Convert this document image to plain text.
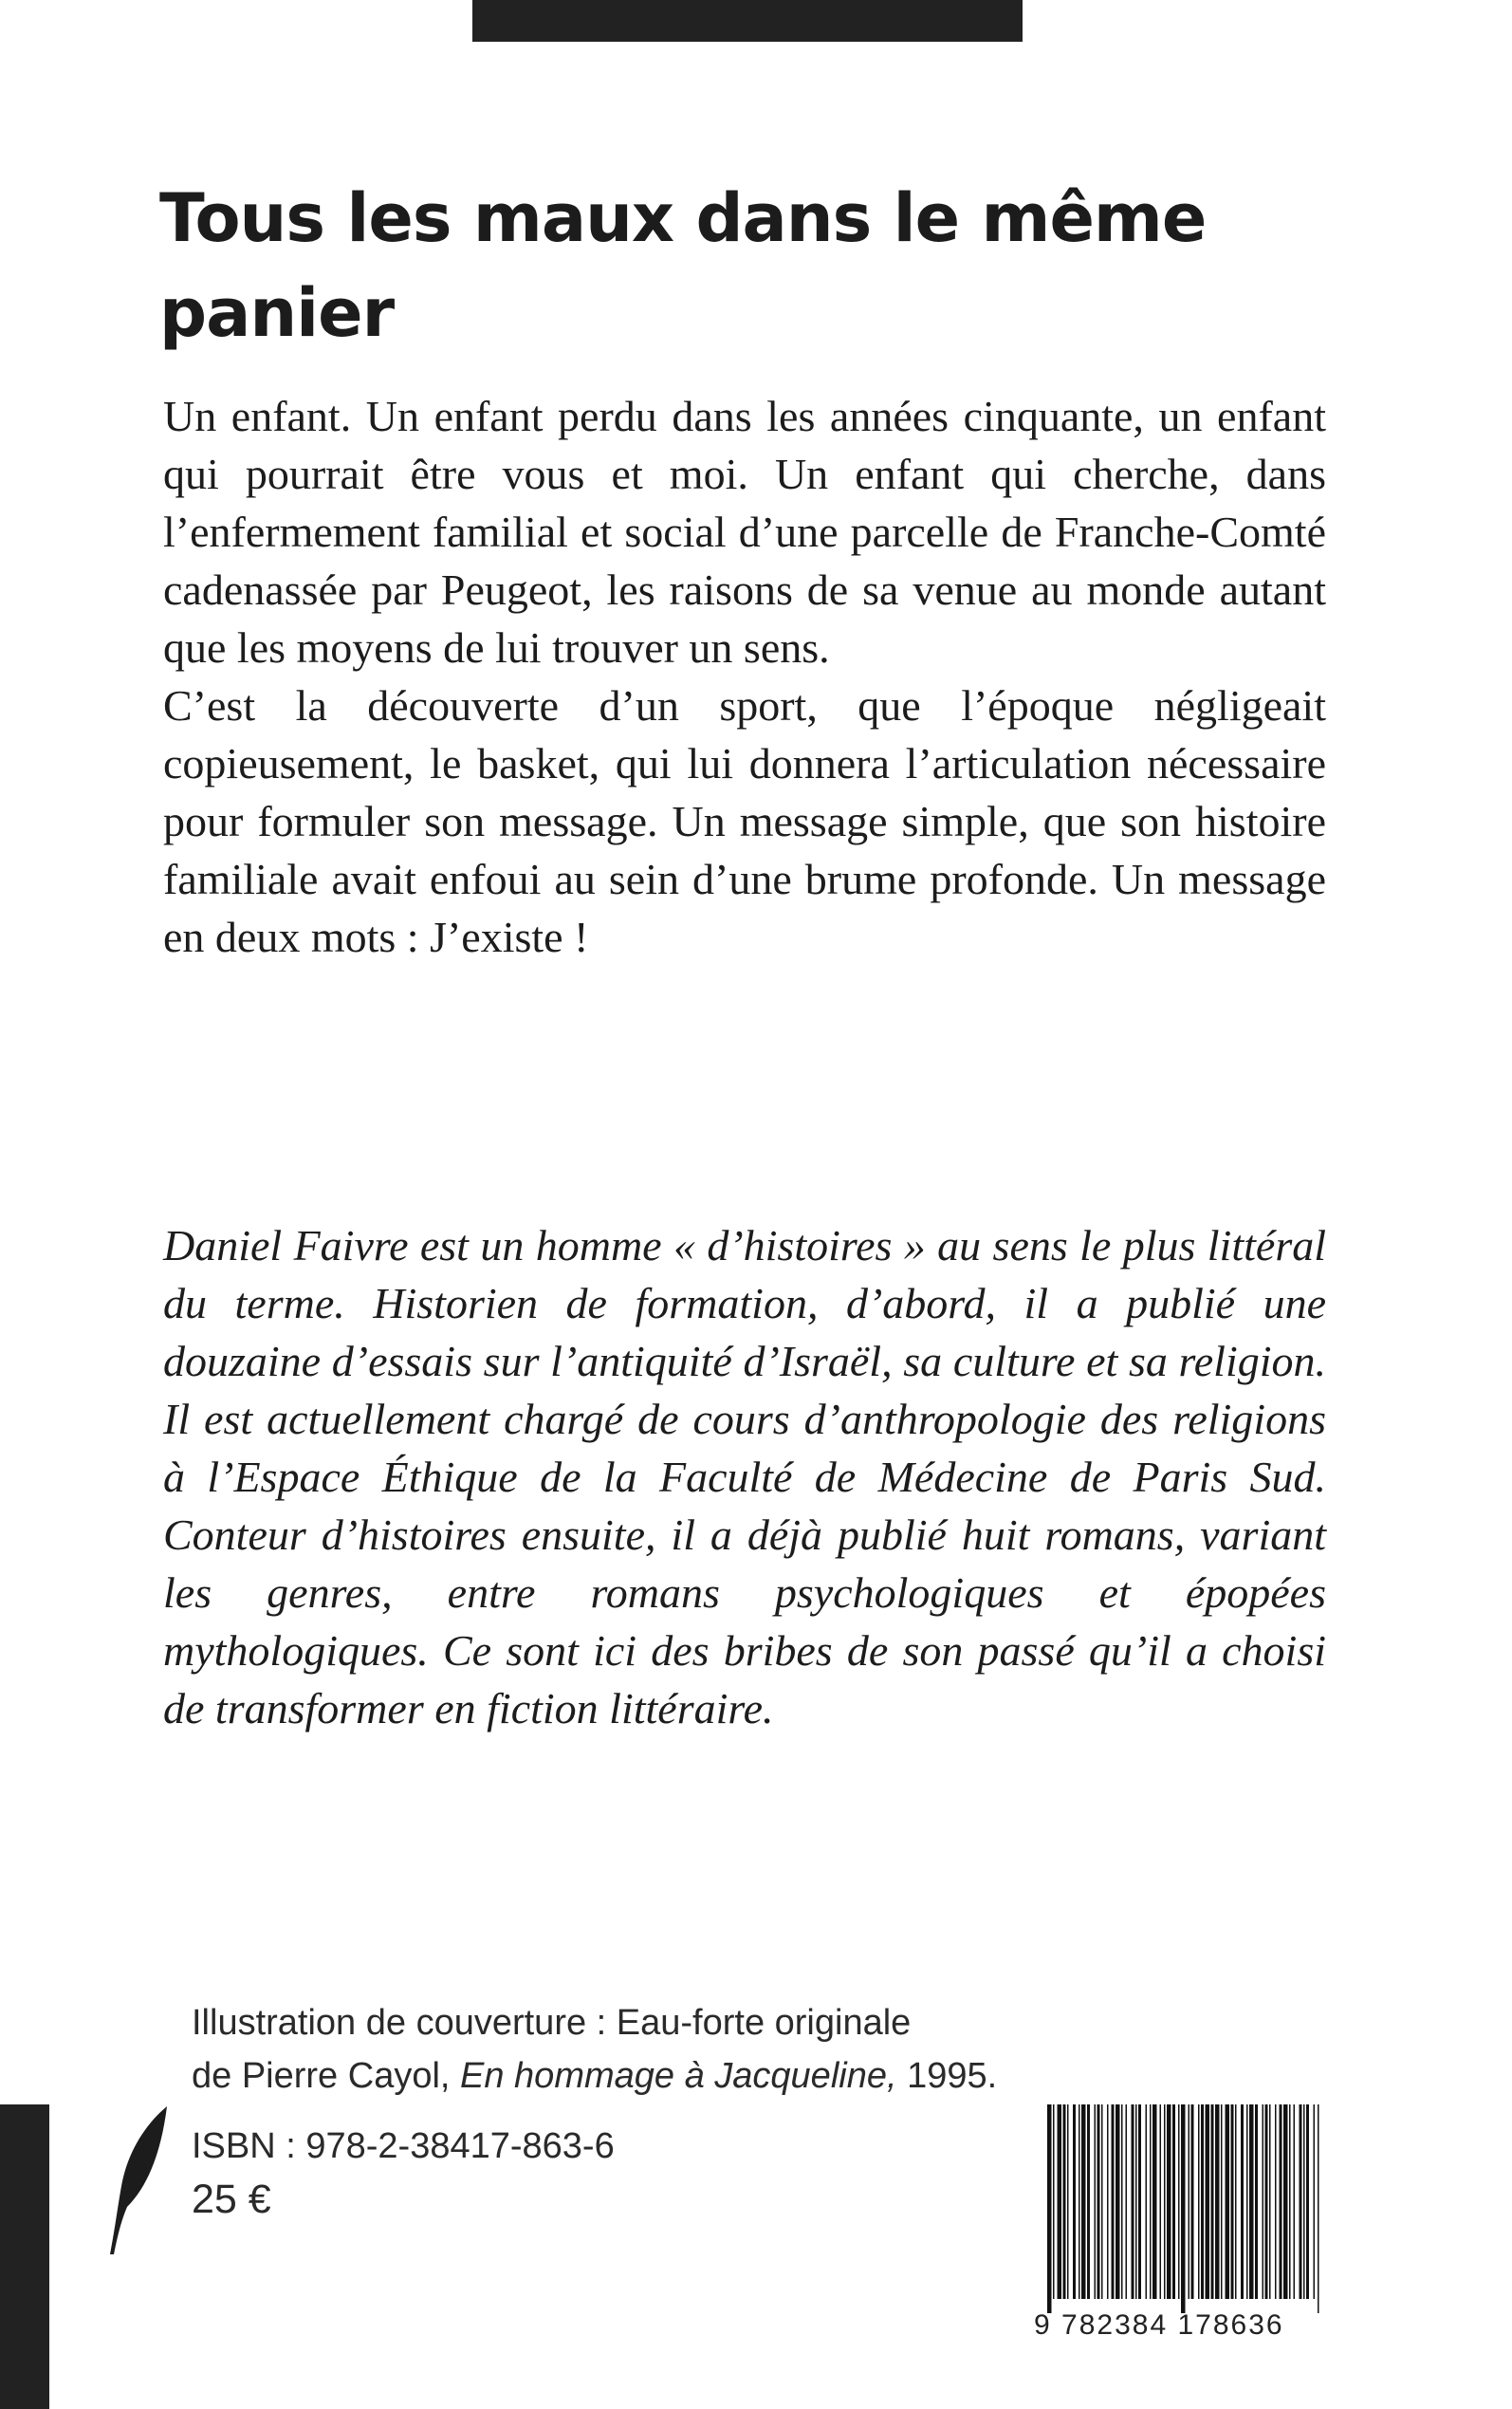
Tous les maux dans le même panier

Un enfant. Un enfant perdu dans les années cinquante, un enfant qui pourrait être vous et moi. Un enfant qui cherche, dans l’enfermement familial et social d’une parcelle de Franche-Comté cadenassée par Peugeot, les raisons de sa venue au monde autant que les moyens de lui trouver un sens.

C’est la découverte d’un sport, que l’époque négligeait copieusement, le basket, qui lui donnera l’articulation nécessaire pour formuler son message. Un message simple, que son histoire familiale avait enfoui au sein d’une brume profonde. Un message en deux mots : J’existe !

Daniel Faivre est un homme « d’histoires » au sens le plus littéral du terme. Historien de formation, d’abord, il a publié une douzaine d’essais sur l’antiquité d’Israël, sa culture et sa religion. Il est actuellement chargé de cours d’anthropologie des religions à l’Espace Éthique de la Faculté de Médecine de Paris Sud. Conteur d’histoires ensuite, il a déjà publié huit romans, variant les genres, entre romans psychologiques et épopées mythologiques. Ce sont ici des bribes de son passé qu’il a choisi de transformer en fiction littéraire.

Illustration de couverture : Eau-forte originale
de Pierre Cayol, En hommage à Jacqueline, 1995.
ISBN : 978-2-38417-863-6
25 €
9 782384 178636
